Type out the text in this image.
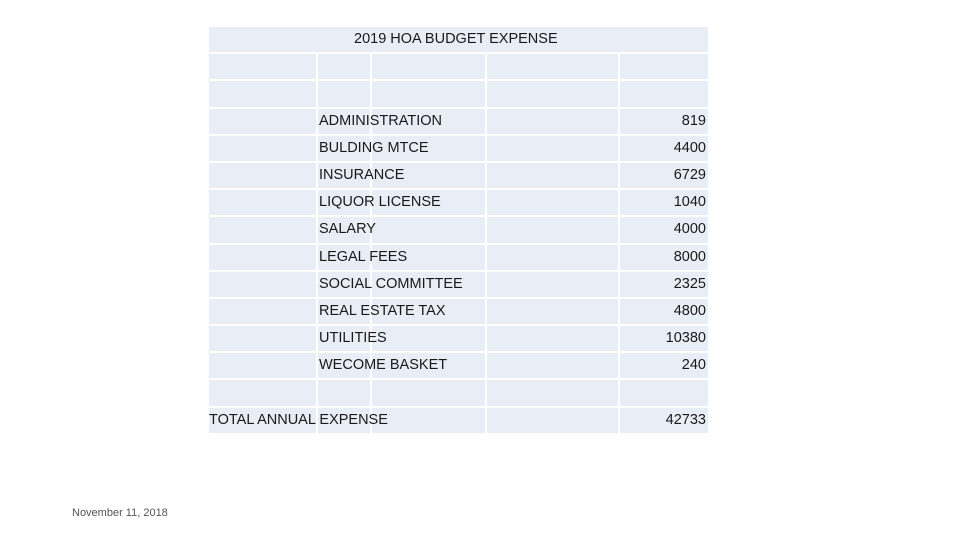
2019 HOA BUDGET EXPENSE
ADMINISTRATION	819
BULDING MTCE	4400
INSURANCE	6729
LIQUOR LICENSE	1040
SALARY	4000
LEGAL FEES	8000
SOCIAL COMMITTEE	2325
REAL ESTATE TAX	4800
UTILITIES	10380
WECOME BASKET	240
TOTAL ANNUAL EXPENSE	42733
November 11, 2018
